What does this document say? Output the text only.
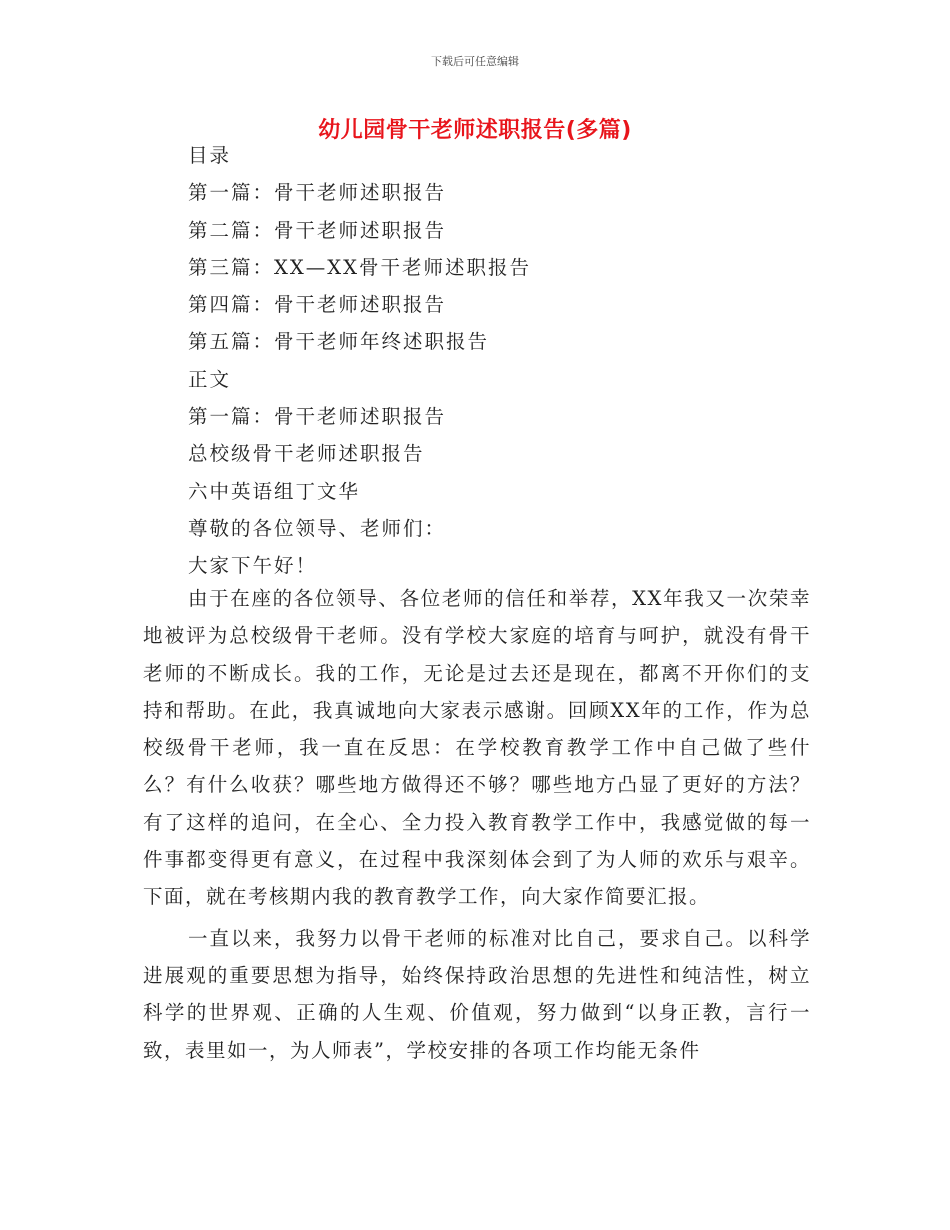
下载后可任意编辑
幼儿园骨干老师述职报告(多篇)
目录
第一篇：骨干老师述职报告
第二篇：骨干老师述职报告
第三篇：XX—XX骨干老师述职报告
第四篇：骨干老师述职报告
第五篇：骨干老师年终述职报告
正文
第一篇：骨干老师述职报告
总校级骨干老师述职报告
六中英语组丁文华
尊敬的各位领导、老师们：
大家下午好！

由于在座的各位领导、各位老师的信任和举荐，XX年我又一次荣幸地被评为总校级骨干老师。没有学校大家庭的培育与呵护，就没有骨干老师的不断成长。我的工作，无论是过去还是现在，都离不开你们的支持和帮助。在此，我真诚地向大家表示感谢。回顾XX年的工作，作为总校级骨干老师，我一直在反思：在学校教育教学工作中自己做了些什么？有什么收获？哪些地方做得还不够？哪些地方凸显了更好的方法？有了这样的追问，在全心、全力投入教育教学工作中，我感觉做的每一件事都变得更有意义，在过程中我深刻体会到了为人师的欢乐与艰辛。下面，就在考核期内我的教育教学工作，向大家作简要汇报。

一直以来，我努力以骨干老师的标准对比自己，要求自己。以科学进展观的重要思想为指导，始终保持政治思想的先进性和纯洁性，树立科学的世界观、正确的人生观、价值观，努力做到“以身正教，言行一致，表里如一，为人师表”，学校安排的各项工作均能无条件
